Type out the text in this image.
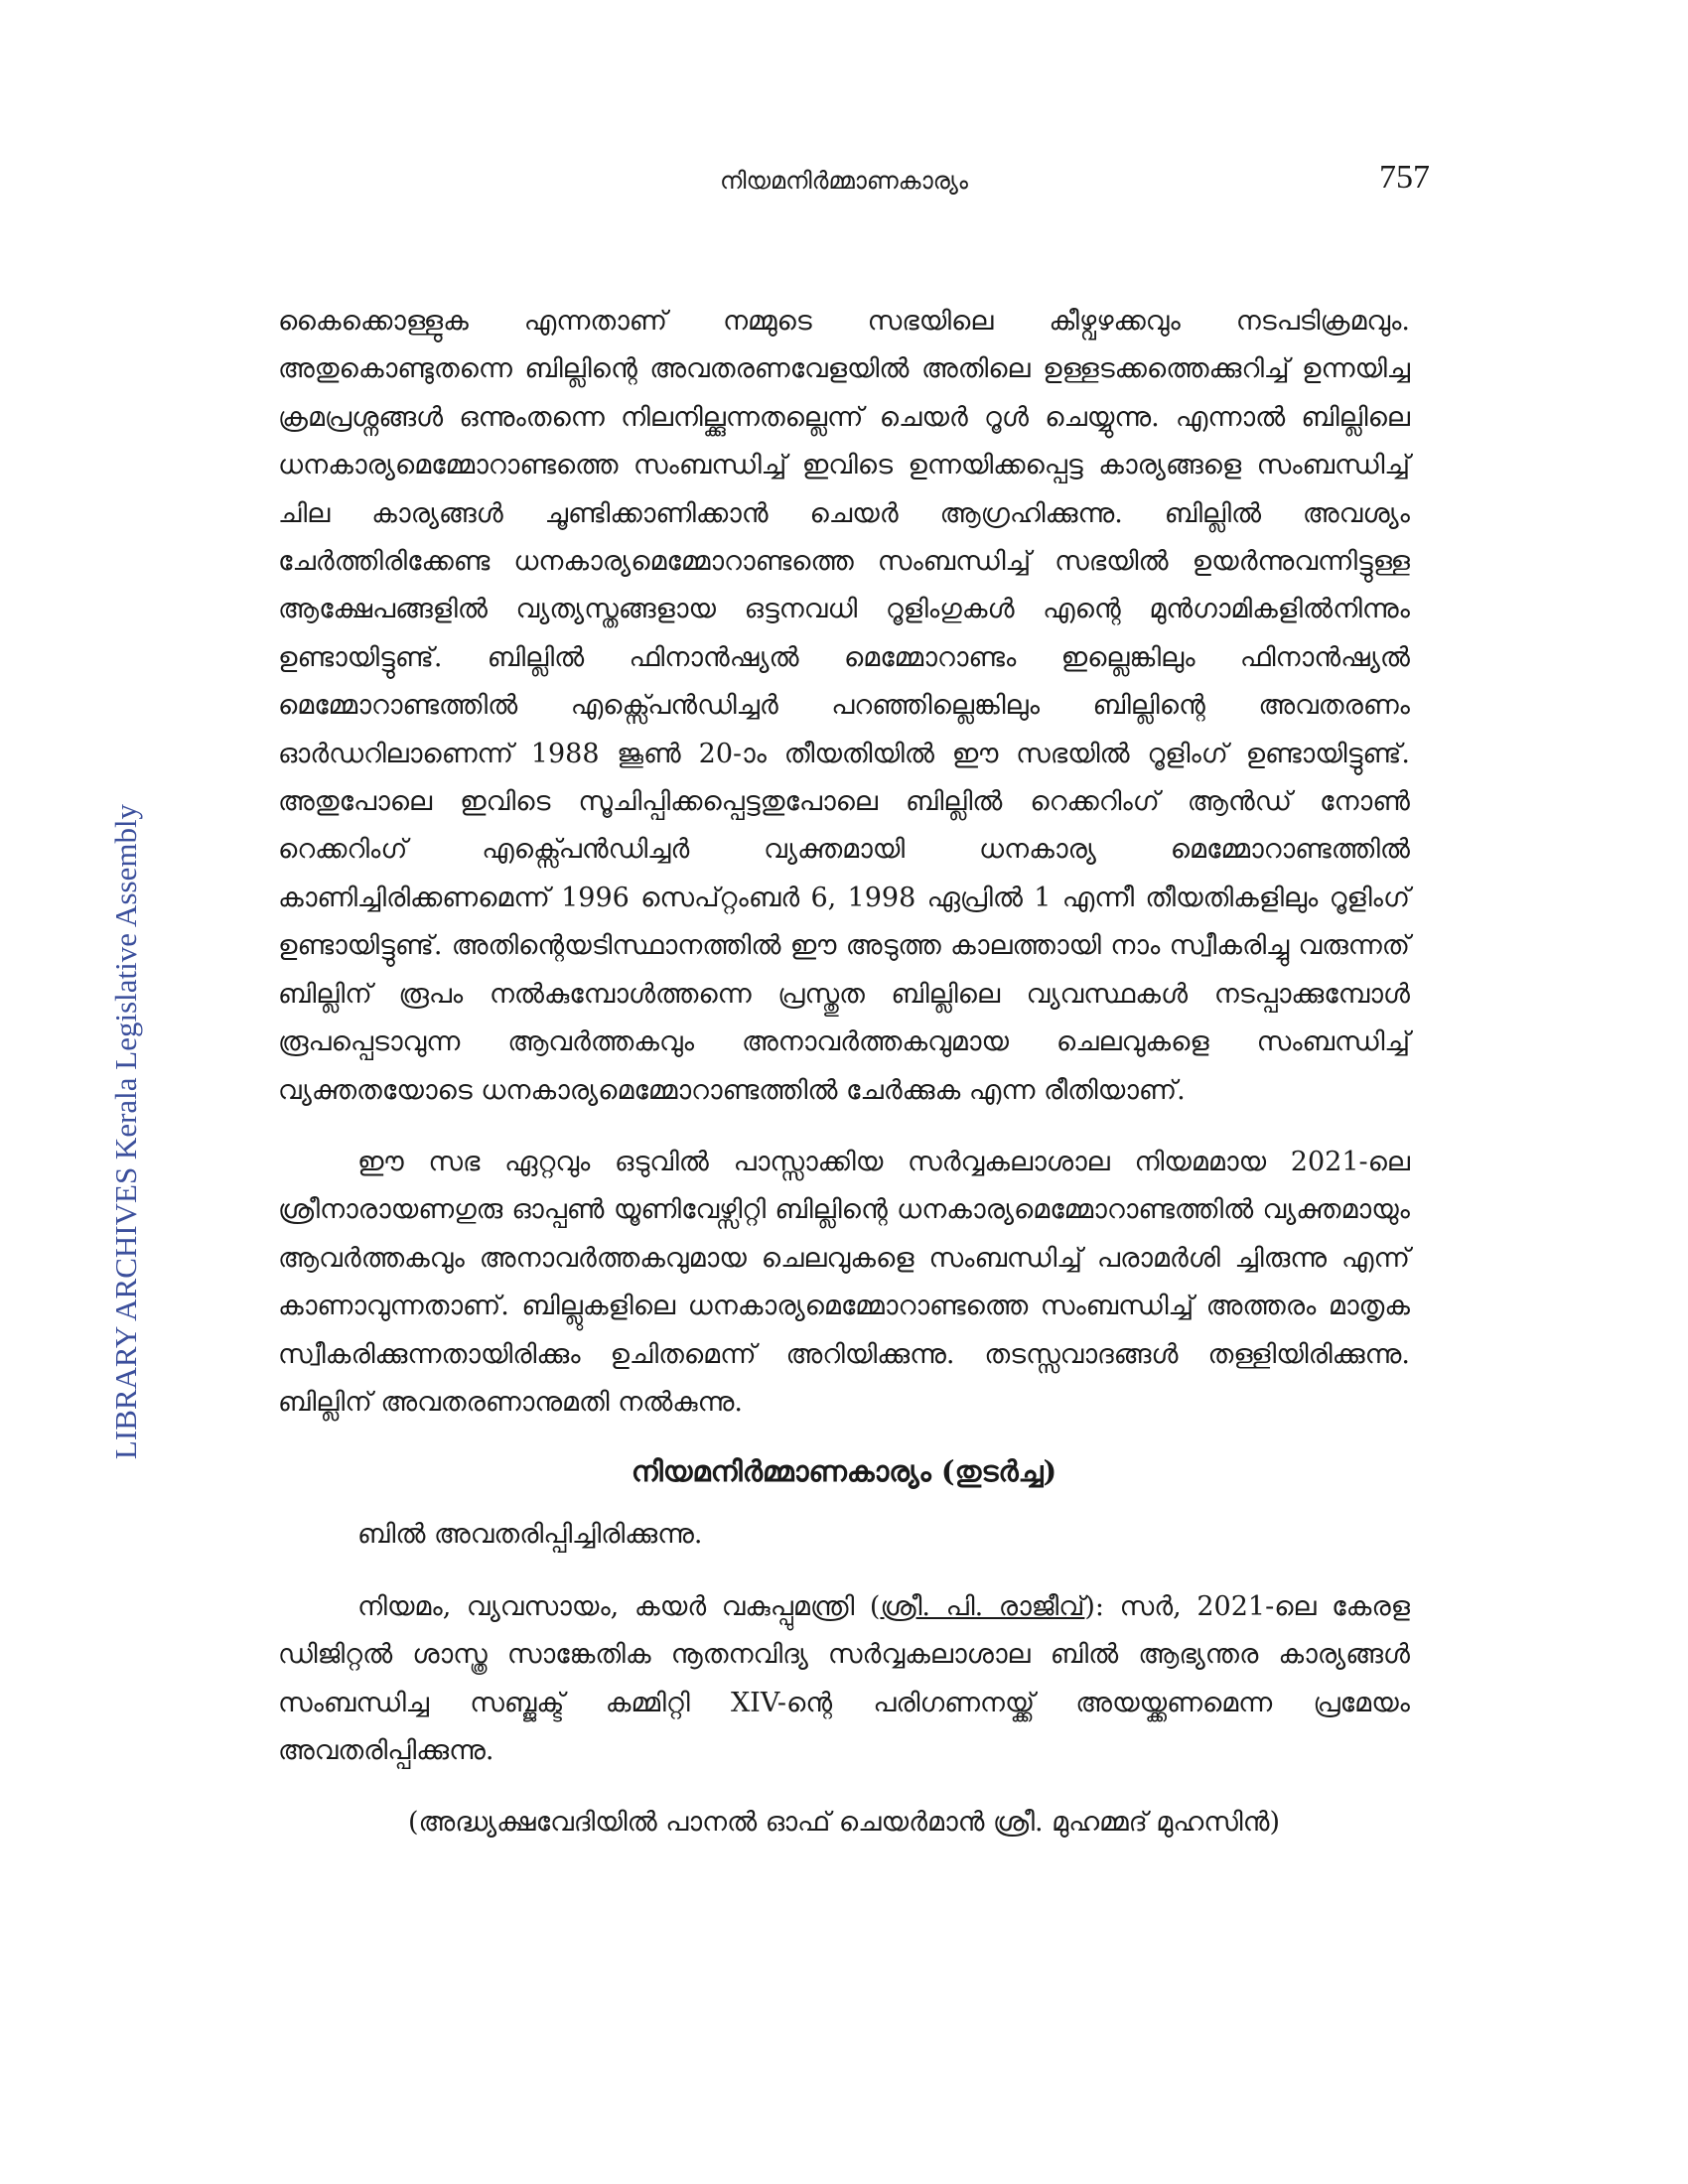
നിയമനിർമ്മാണകാര്യം	757
LIBRARY ARCHIVES Kerala Legislative Assembly

കൈക്കൊള്ളുക എന്നതാണ് നമ്മുടെ സഭയിലെ കീഴ്വഴക്കവും നടപടിക്രമവും. അതുകൊണ്ടുതന്നെ ബില്ലിന്റെ അവതരണവേളയിൽ അതിലെ ഉള്ളടക്കത്തെക്കുറിച്ച് ഉന്നയിച്ച ക്രമപ്രശ്നങ്ങൾ ഒന്നുംതന്നെ നിലനില്ക്കുന്നതല്ലെന്ന് ചെയർ റൂൾ ചെയ്യുന്നു. എന്നാൽ ബില്ലിലെ ധനകാര്യമെമ്മോറാണ്ടത്തെ സംബന്ധിച്ച് ഇവിടെ ഉന്നയിക്കപ്പെട്ട കാര്യങ്ങളെ സംബന്ധിച്ച് ചില കാര്യങ്ങൾ ചൂണ്ടിക്കാണിക്കാൻ ചെയർ ആഗ്രഹിക്കുന്നു. ബില്ലിൽ അവശ്യം ചേർത്തിരിക്കേണ്ട ധനകാര്യമെമ്മോറാണ്ടത്തെ സംബന്ധിച്ച് സഭയിൽ ഉയർന്നുവന്നിട്ടുള്ള ആക്ഷേപങ്ങളിൽ വ്യത്യസ്തങ്ങളായ ഒട്ടനവധി റൂളിംഗുകൾ എന്റെ മുൻഗാമികളിൽനിന്നും ഉണ്ടായിട്ടുണ്ട്. ബില്ലിൽ ഫിനാൻഷ്യൽ മെമ്മോറാണ്ടം ഇല്ലെങ്കിലും ഫിനാൻഷ്യൽ മെമ്മോറാണ്ടത്തിൽ എക്സ്പെൻഡിച്ചർ പറഞ്ഞില്ലെങ്കിലും ബില്ലിന്റെ അവതരണം ഓർഡറിലാണെന്ന് 1988 ജൂൺ 20-ാം തീയതിയിൽ ഈ സഭയിൽ റൂളിംഗ് ഉണ്ടായിട്ടുണ്ട്. അതുപോലെ ഇവിടെ സൂചിപ്പിക്കപ്പെട്ടതുപോലെ ബില്ലിൽ റെക്കറിംഗ് ആൻഡ് നോൺ റെക്കറിംഗ് എക്സ്പെൻഡിച്ചർ വ്യക്തമായി ധനകാര്യ മെമ്മോറാണ്ടത്തിൽ കാണിച്ചിരിക്കണമെന്ന് 1996 സെപ്റ്റംബർ 6, 1998 ഏപ്രിൽ 1 എന്നീ തീയതികളിലും റൂളിംഗ് ഉണ്ടായിട്ടുണ്ട്. അതിന്റെയടിസ്ഥാനത്തിൽ ഈ അടുത്ത കാലത്തായി നാം സ്വീകരിച്ചു വരുന്നത് ബില്ലിന് രൂപം നൽകുമ്പോൾത്തന്നെ പ്രസ്തുത ബില്ലിലെ വ്യവസ്ഥകൾ നടപ്പാക്കുമ്പോൾ രൂപപ്പെടാവുന്ന ആവർത്തകവും അനാവർത്തകവുമായ ചെലവുകളെ സംബന്ധിച്ച് വ്യക്തതയോടെ ധനകാര്യമെമ്മോറാണ്ടത്തിൽ ചേർക്കുക എന്ന രീതിയാണ്.

ഈ സഭ ഏറ്റവും ഒടുവിൽ പാസ്സാക്കിയ സർവ്വകലാശാല നിയമമായ 2021-ലെ ശ്രീനാരായണഗുരു ഓപ്പൺ യൂണിവേഴ്സിറ്റി ബില്ലിന്റെ ധനകാര്യമെമ്മോറാണ്ടത്തിൽ വ്യക്തമായും ആവർത്തകവും അനാവർത്തകവുമായ ചെലവുകളെ സംബന്ധിച്ച് പരാമർശി ച്ചിരുന്നു എന്ന് കാണാവുന്നതാണ്. ബില്ലുകളിലെ ധനകാര്യമെമ്മോറാണ്ടത്തെ സംബന്ധിച്ച് അത്തരം മാതൃക സ്വീകരിക്കുന്നതായിരിക്കും ഉചിതമെന്ന് അറിയിക്കുന്നു. തടസ്സവാദങ്ങൾ തള്ളിയിരിക്കുന്നു. ബില്ലിന് അവതരണാനുമതി നൽകുന്നു.

നിയമനിർമ്മാണകാര്യം (തുടർച്ച)

ബിൽ അവതരിപ്പിച്ചിരിക്കുന്നു.

നിയമം, വ്യവസായം, കയർ വകുപ്പുമന്ത്രി (ശ്രീ. പി. രാജീവ്): സർ, 2021-ലെ കേരള ഡിജിറ്റൽ ശാസ്ത്ര സാങ്കേതിക നൂതനവിദ്യ സർവ്വകലാശാല ബിൽ ആഭ്യന്തര കാര്യങ്ങൾ സംബന്ധിച്ച സബ്ജക്ട് കമ്മിറ്റി XIV-ന്റെ പരിഗണനയ്ക്ക് അയയ്ക്കണമെന്ന പ്രമേയം അവതരിപ്പിക്കുന്നു.

(അദ്ധ്യക്ഷവേദിയിൽ പാനൽ ഓഫ് ചെയർമാൻ ശ്രീ. മുഹമ്മദ് മുഹസിൻ)
